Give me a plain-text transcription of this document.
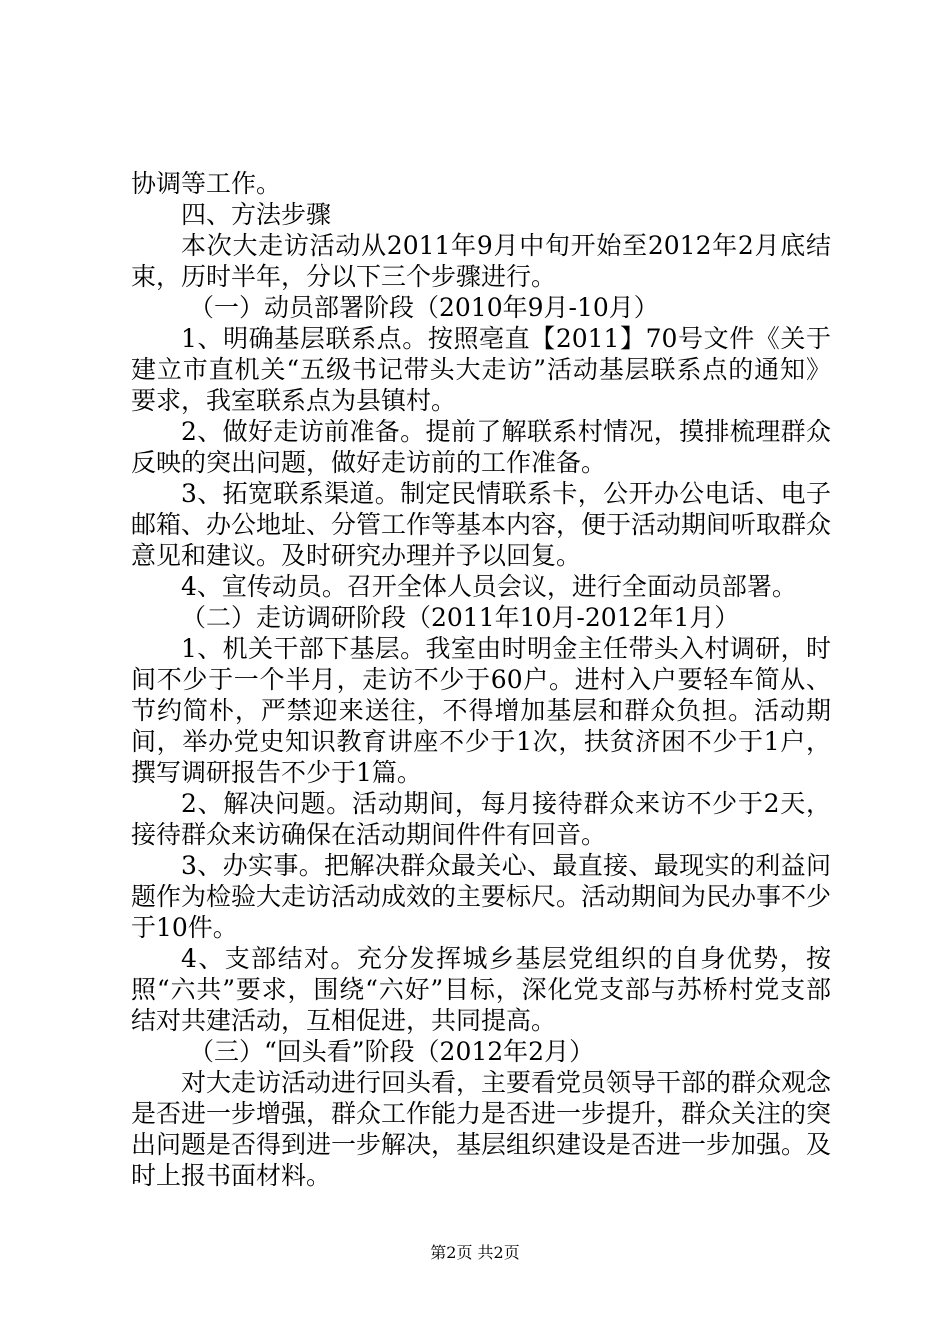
协调等工作。

四、方法步骤

本次大走访活动从2011年9月中旬开始至2012年2月底结束，历时半年，分以下三个步骤进行。

（一）动员部署阶段（2010年9月-10月）

1、明确基层联系点。按照亳直【2011】70号文件《关于建立市直机关“五级书记带头大走访”活动基层联系点的通知》要求，我室联系点为县镇村。

2、做好走访前准备。提前了解联系村情况，摸排梳理群众反映的突出问题，做好走访前的工作准备。

3、拓宽联系渠道。制定民情联系卡，公开办公电话、电子邮箱、办公地址、分管工作等基本内容，便于活动期间听取群众意见和建议。及时研究办理并予以回复。

4、宣传动员。召开全体人员会议，进行全面动员部署。

（二）走访调研阶段（2011年10月-2012年1月）

1、机关干部下基层。我室由时明金主任带头入村调研，时间不少于一个半月，走访不少于60户。进村入户要轻车简从、节约简朴，严禁迎来送往，不得增加基层和群众负担。活动期间，举办党史知识教育讲座不少于1次，扶贫济困不少于1户，撰写调研报告不少于1篇。

2、解决问题。活动期间，每月接待群众来访不少于2天，接待群众来访确保在活动期间件件有回音。

3、办实事。把解决群众最关心、最直接、最现实的利益问题作为检验大走访活动成效的主要标尺。活动期间为民办事不少于10件。

4、支部结对。充分发挥城乡基层党组织的自身优势，按照“六共”要求，围绕“六好”目标，深化党支部与苏桥村党支部结对共建活动，互相促进，共同提高。

（三）“回头看”阶段（2012年2月）

对大走访活动进行回头看，主要看党员领导干部的群众观念是否进一步增强，群众工作能力是否进一步提升，群众关注的突出问题是否得到进一步解决，基层组织建设是否进一步加强。及时上报书面材料。

第2页 共2页
